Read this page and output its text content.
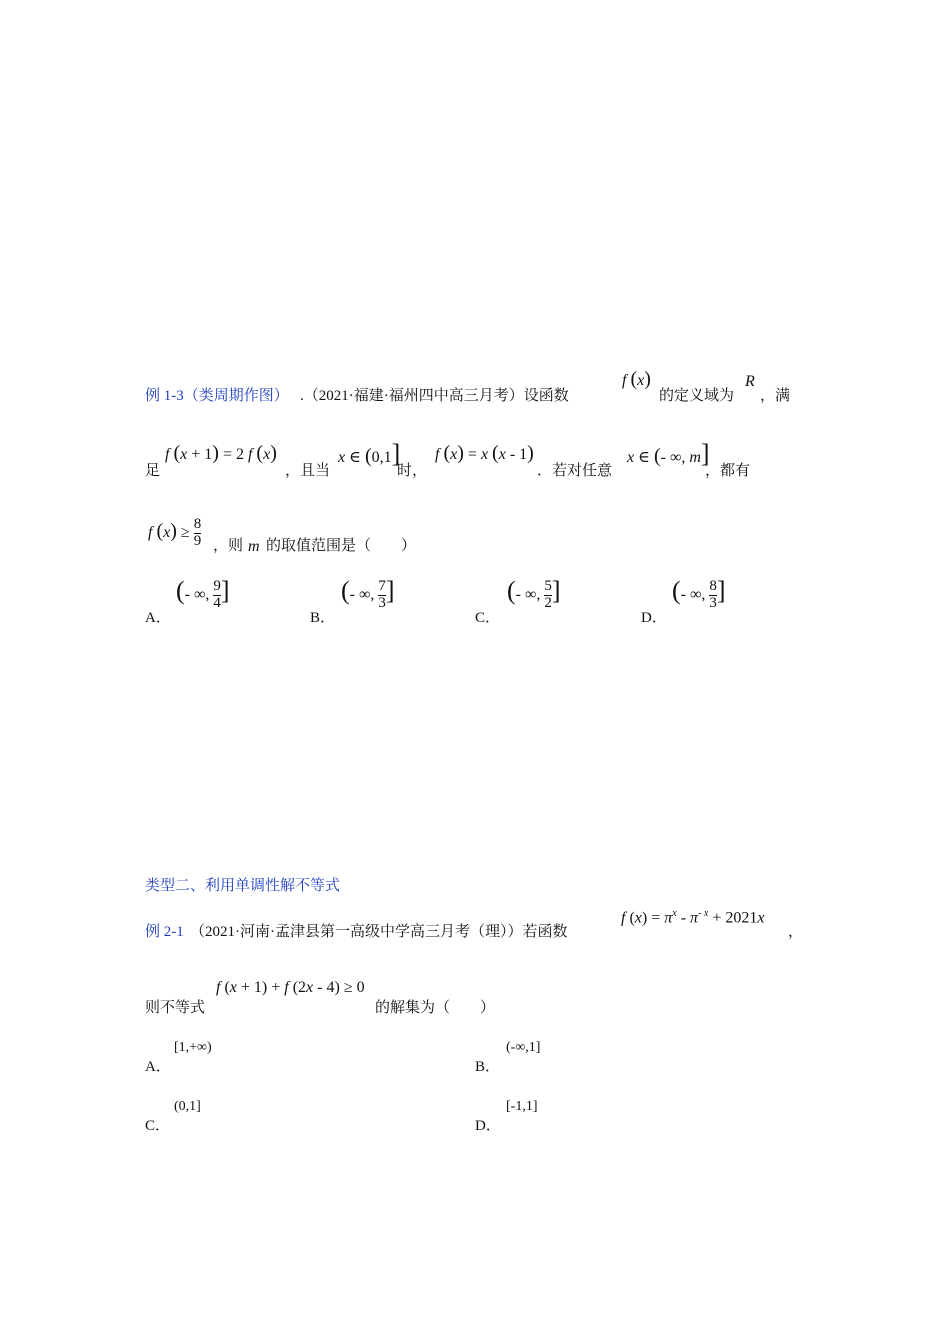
例 1-3（类周期作图） .（2021·福建·福州四中高三月考）设函数
f (x)
的定义域为
R
，满
足
f (x + 1) = 2 f (x)
，且当
x ∈ (0,1]
时，
f (x) = x (x - 1)
．若对任意
x ∈ (- ∞, m]
，都有
f $(x) \ge \frac{8}{9}$ ，则 m 的取值范围是（　　）
A．
(- ∞, $\frac{9}{4}$ ]
B．
(- ∞, $\frac{7}{3}$ ]
C．
(- ∞, $\frac{5}{2}$ ]
D．
(- ∞, $\frac{8}{3}$ ]
类型二、利用单调性解不等式
例 2-1 （2021·河南·孟津县第一高级中学高三月考（理））若函数
f $(x) = \pi^x - \pi^{- x} + 2021x$
，
则不等式
f (x + 1) + f (2x - 4) ≥ 0
的解集为（　　）
A．
[1,+∞)
B．
(-∞,1]
C．
(0,1]
D．
[-1,1]
